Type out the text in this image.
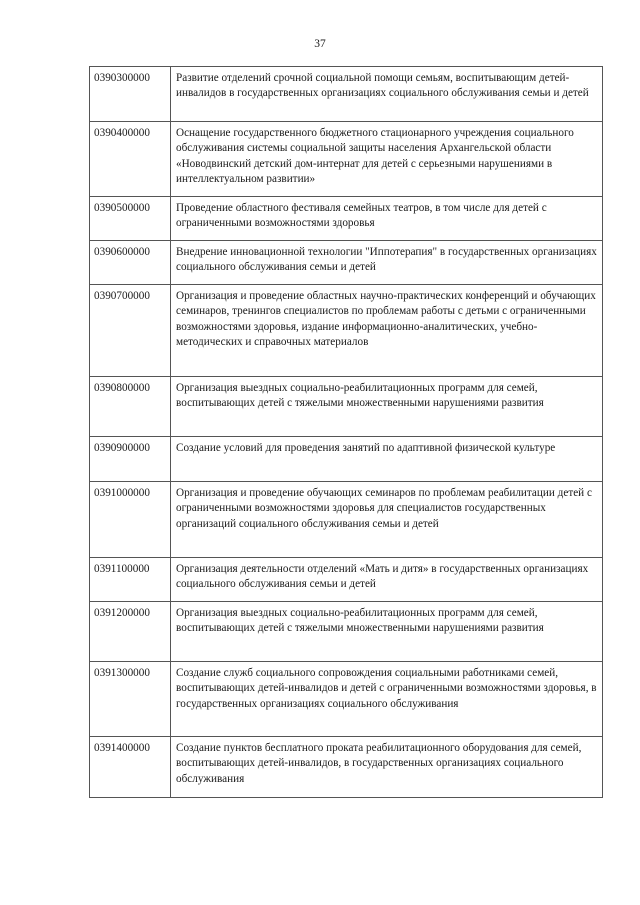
37
0390300000	Развитие отделений срочной социальной помощи семьям, воспитывающим детей-инвалидов в государственных организациях социального обслуживания семьи и детей
0390400000	Оснащение государственного бюджетного стационарного учреждения социального обслуживания системы социальной защиты населения Архангельской области «Новодвинский детский дом-интернат для детей с серьезными нарушениями в интеллектуальном развитии»
0390500000	Проведение областного фестиваля семейных театров, в том числе для детей с ограниченными возможностями здоровья
0390600000	Внедрение инновационной технологии "Иппотерапия" в государственных организациях социального обслуживания семьи и детей
0390700000	Организация и проведение областных научно-практических конференций и обучающих семинаров, тренингов специалистов по проблемам работы с детьми с ограниченными возможностями здоровья, издание информационно-аналитических, учебно-методических и справочных материалов
0390800000	Организация выездных социально-реабилитационных программ для семей, воспитывающих детей с тяжелыми множественными нарушениями развития
0390900000	Создание условий для проведения занятий по адаптивной физической культуре
0391000000	Организация и проведение обучающих семинаров по проблемам реабилитации детей с ограниченными возможностями здоровья для специалистов государственных организаций социального обслуживания семьи и детей
0391100000	Организация деятельности отделений «Мать и дитя» в государственных организациях социального обслуживания семьи и детей
0391200000	Организация выездных социально-реабилитационных программ для семей, воспитывающих детей с тяжелыми множественными нарушениями развития
0391300000	Создание служб социального сопровождения социальными работниками семей, воспитывающих детей-инвалидов и детей с ограниченными возможностями здоровья, в государственных организациях социального обслуживания
0391400000	Создание пунктов бесплатного проката реабилитационного оборудования для семей, воспитывающих детей-инвалидов, в государственных организациях социального обслуживания
